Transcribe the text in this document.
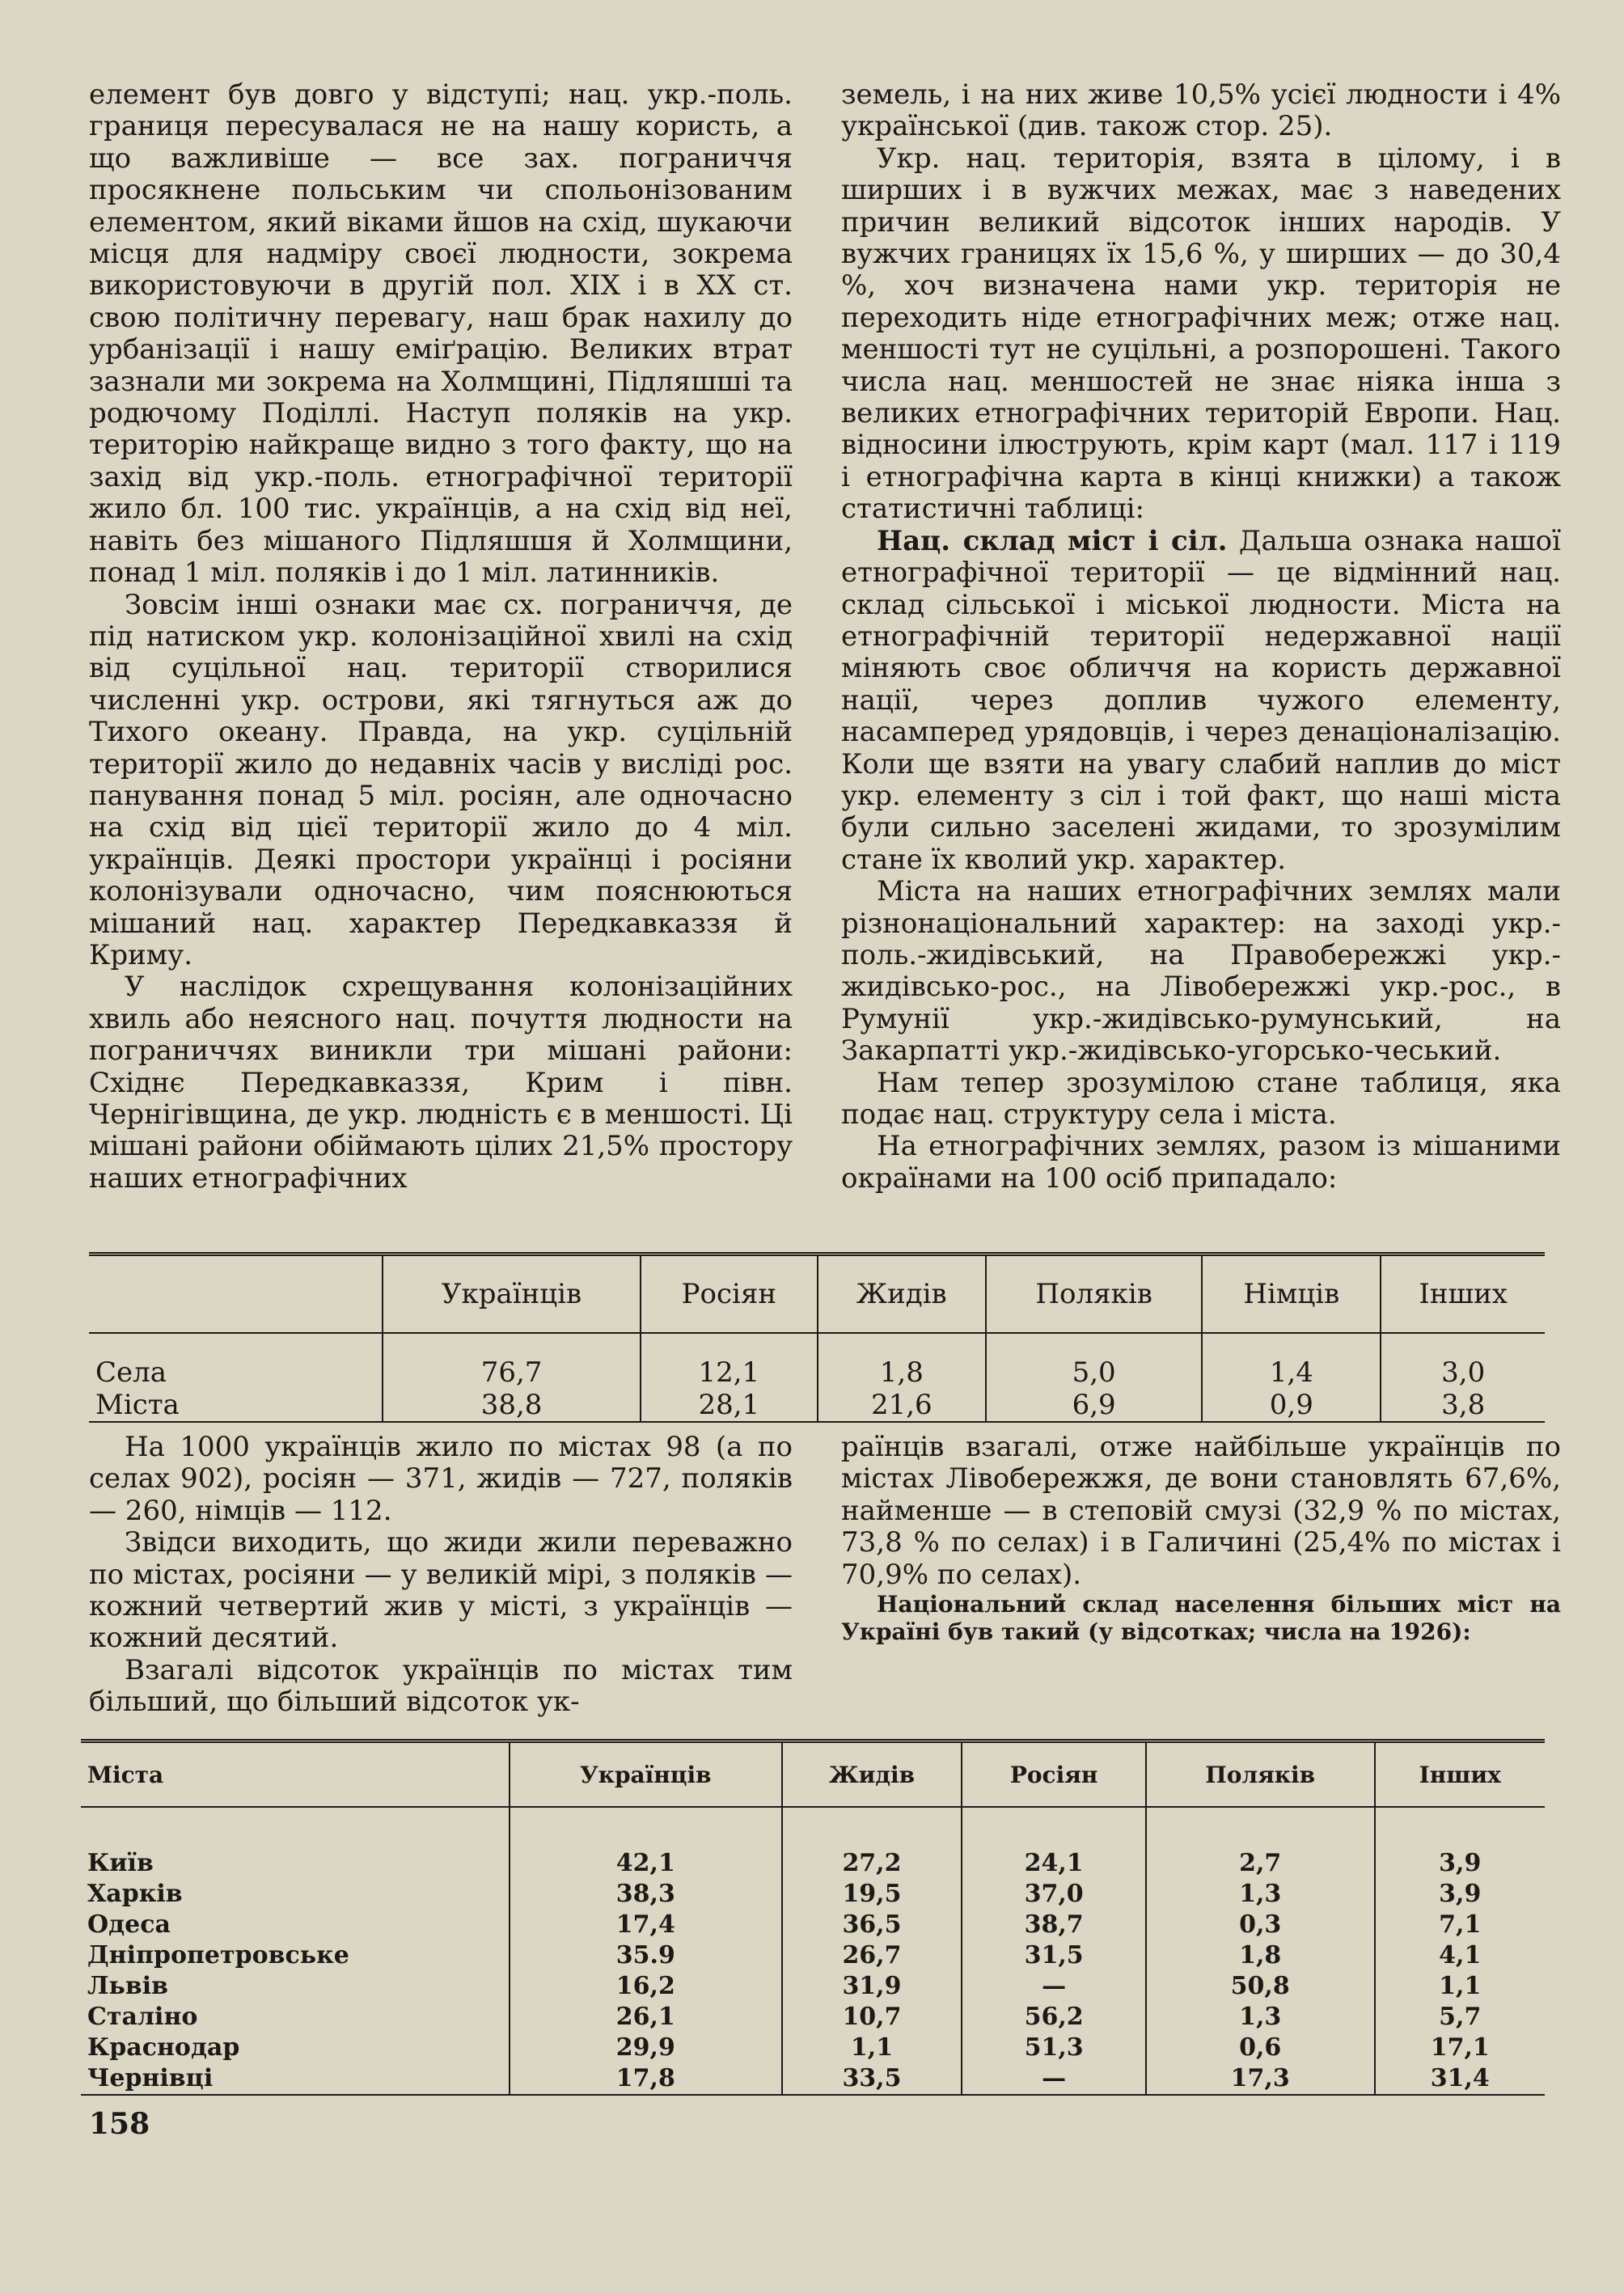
елемент був довго у відступі; нац. укр.-поль. границя пересувалася не на нашу користь, а що важливіше — все зах. пограниччя просякнене польським чи спольонізованим елементом, який віками йшов на схід, шукаючи місця для надміру своєї людности, зокрема використовуючи в другій пол. XIX і в XX ст. свою політичну перевагу, наш брак нахилу до урбанізації і нашу еміґрацію. Великих втрат зазнали ми зокрема на Холмщині, Підляшші та родючому Поділлі. Наступ поляків на укр. територію найкраще видно з того факту, що на захід від укр.-поль. етнографічної території жило бл. 100 тис. українців, а на схід від неї, навіть без мішаного Підляшшя й Холмщини, понад 1 міл. поляків і до 1 міл. латинників.

Зовсім інші ознаки має сх. пограниччя, де під натиском укр. колонізаційної хвилі на схід від суцільної нац. території створилися численні укр. острови, які тягнуться аж до Тихого океану. Правда, на укр. суцільній території жило до недавніх часів у висліді рос. панування понад 5 міл. росіян, але одночасно на схід від цієї території жило до 4 міл. українців. Деякі простори українці і росіяни колонізували одночасно, чим пояснюються мішаний нац. характер Передкавказзя й Криму.

У наслідок схрещування колонізаційних хвиль або неясного нац. почуття людности на пограниччях виникли три мішані райони: Східнє Передкавказзя, Крим і півн. Чернігівщина, де укр. людність є в меншості. Ці мішані райони обіймають цілих 21,5% простору наших етнографічних

земель, і на них живе 10,5% усієї людности і 4% української (див. також стор. 25).

Укр. нац. територія, взята в цілому, і в ширших і в вужчих межах, має з наведених причин великий відсоток інших народів. У вужчих границях їх 15,6 %, у ширших — до 30,4 %, хоч визначена нами укр. територія не переходить ніде етнографічних меж; отже нац. меншості тут не суцільні, а розпорошені. Такого числа нац. меншостей не знає ніяка інша з великих етнографічних територій Европи. Нац. відносини ілюструють, крім карт (мал. 117 і 119 і етнографічна карта в кінці книжки) а також статистичні таблиці:

Нац. склад міст і сіл. Дальша ознака нашої етнографічної території — це відмінний нац. склад сільської і міської людности. Міста на етнографічній території недержавної нації міняють своє обличчя на користь державної нації, через доплив чужого елементу, насамперед урядовців, і через денаціоналізацію. Коли ще взяти на увагу слабий наплив до міст укр. елементу з сіл і той факт, що наші міста були сильно заселені жидами, то зрозумілим стане їх кволий укр. характер.

Міста на наших етнографічних землях мали різнонаціональний характер: на заході укр.-поль.-жидівський, на Правобережжі укр.-жидівсько-рос., на Лівобережжі укр.-рос., в Румунії укр.-жидівсько-румунський, на Закарпатті укр.-жидівсько-угорсько-чеський.

Нам тепер зрозумілою стане таблиця, яка подає нац. структуру села і міста.

На етнографічних землях, разом із мішаними окраїнами на 100 осіб припадало:

	Українців	Росіян	Жидів	Поляків	Німців	Інших

Села	76,7	12,1	1,8	5,0	1,4	3,0
Міста	38,8	28,1	21,6	6,9	0,9	3,8

На 1000 українців жило по містах 98 (а по селах 902), росіян — 371, жидів — 727, поляків — 260, німців — 112.

Звідси виходить, що жиди жили переважно по містах, росіяни — у великій мірі, з поляків — кожний четвертий жив у місті, з українців — кожний десятий.

Взагалі відсоток українців по містах тим більший, що більший відсоток ук-

раїнців взагалі, отже найбільше українців по містах Лівобережжя, де вони становлять 67,6%, найменше — в степовій смузі (32,9 % по містах, 73,8 % по селах) і в Галичині (25,4% по містах і 70,9% по селах).

Національний склад населення більших міст на Україні був такий (у відсотках; числа на 1926):

Міста	Українців	Жидів	Росіян	Поляків	Інших

Київ	42,1	27,2	24,1	2,7	3,9
Харків	38,3	19,5	37,0	1,3	3,9
Одеса	17,4	36,5	38,7	0,3	7,1
Дніпропетровське	35.9	26,7	31,5	1,8	4,1
Львів	16,2	31,9	—	50,8	1,1
Сталіно	26,1	10,7	56,2	1,3	5,7
Краснодар	29,9	1,1	51,3	0,6	17,1
Чернівці	17,8	33,5	—	17,3	31,4
158
